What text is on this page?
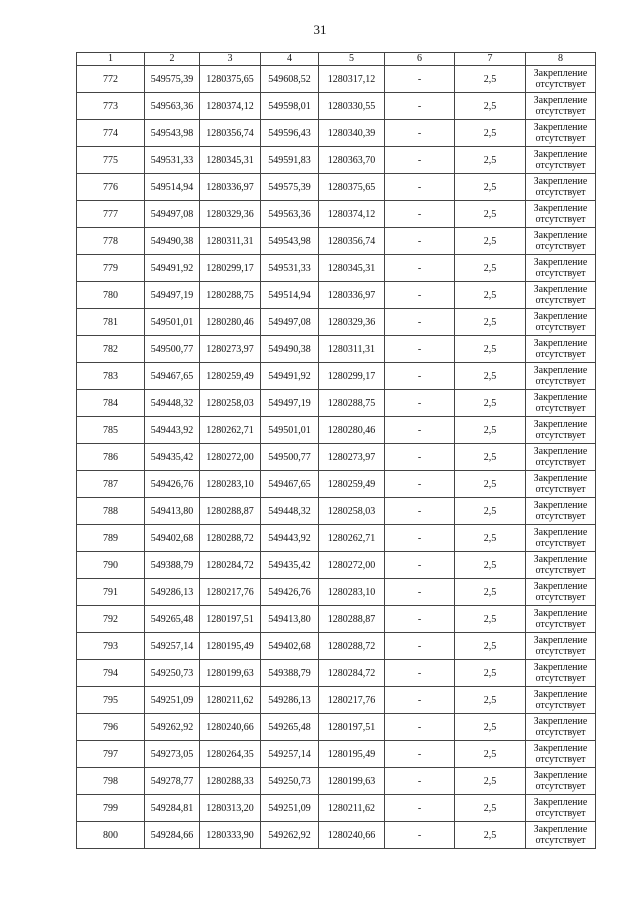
31
1	2	3	4	5	6	7	8
772	549575,39	1280375,65	549608,52	1280317,12	-	2,5	Закрепление отсутствует
773	549563,36	1280374,12	549598,01	1280330,55	-	2,5	Закрепление отсутствует
774	549543,98	1280356,74	549596,43	1280340,39	-	2,5	Закрепление отсутствует
775	549531,33	1280345,31	549591,83	1280363,70	-	2,5	Закрепление отсутствует
776	549514,94	1280336,97	549575,39	1280375,65	-	2,5	Закрепление отсутствует
777	549497,08	1280329,36	549563,36	1280374,12	-	2,5	Закрепление отсутствует
778	549490,38	1280311,31	549543,98	1280356,74	-	2,5	Закрепление отсутствует
779	549491,92	1280299,17	549531,33	1280345,31	-	2,5	Закрепление отсутствует
780	549497,19	1280288,75	549514,94	1280336,97	-	2,5	Закрепление отсутствует
781	549501,01	1280280,46	549497,08	1280329,36	-	2,5	Закрепление отсутствует
782	549500,77	1280273,97	549490,38	1280311,31	-	2,5	Закрепление отсутствует
783	549467,65	1280259,49	549491,92	1280299,17	-	2,5	Закрепление отсутствует
784	549448,32	1280258,03	549497,19	1280288,75	-	2,5	Закрепление отсутствует
785	549443,92	1280262,71	549501,01	1280280,46	-	2,5	Закрепление отсутствует
786	549435,42	1280272,00	549500,77	1280273,97	-	2,5	Закрепление отсутствует
787	549426,76	1280283,10	549467,65	1280259,49	-	2,5	Закрепление отсутствует
788	549413,80	1280288,87	549448,32	1280258,03	-	2,5	Закрепление отсутствует
789	549402,68	1280288,72	549443,92	1280262,71	-	2,5	Закрепление отсутствует
790	549388,79	1280284,72	549435,42	1280272,00	-	2,5	Закрепление отсутствует
791	549286,13	1280217,76	549426,76	1280283,10	-	2,5	Закрепление отсутствует
792	549265,48	1280197,51	549413,80	1280288,87	-	2,5	Закрепление отсутствует
793	549257,14	1280195,49	549402,68	1280288,72	-	2,5	Закрепление отсутствует
794	549250,73	1280199,63	549388,79	1280284,72	-	2,5	Закрепление отсутствует
795	549251,09	1280211,62	549286,13	1280217,76	-	2,5	Закрепление отсутствует
796	549262,92	1280240,66	549265,48	1280197,51	-	2,5	Закрепление отсутствует
797	549273,05	1280264,35	549257,14	1280195,49	-	2,5	Закрепление отсутствует
798	549278,77	1280288,33	549250,73	1280199,63	-	2,5	Закрепление отсутствует
799	549284,81	1280313,20	549251,09	1280211,62	-	2,5	Закрепление отсутствует
800	549284,66	1280333,90	549262,92	1280240,66	-	2,5	Закрепление отсутствует
